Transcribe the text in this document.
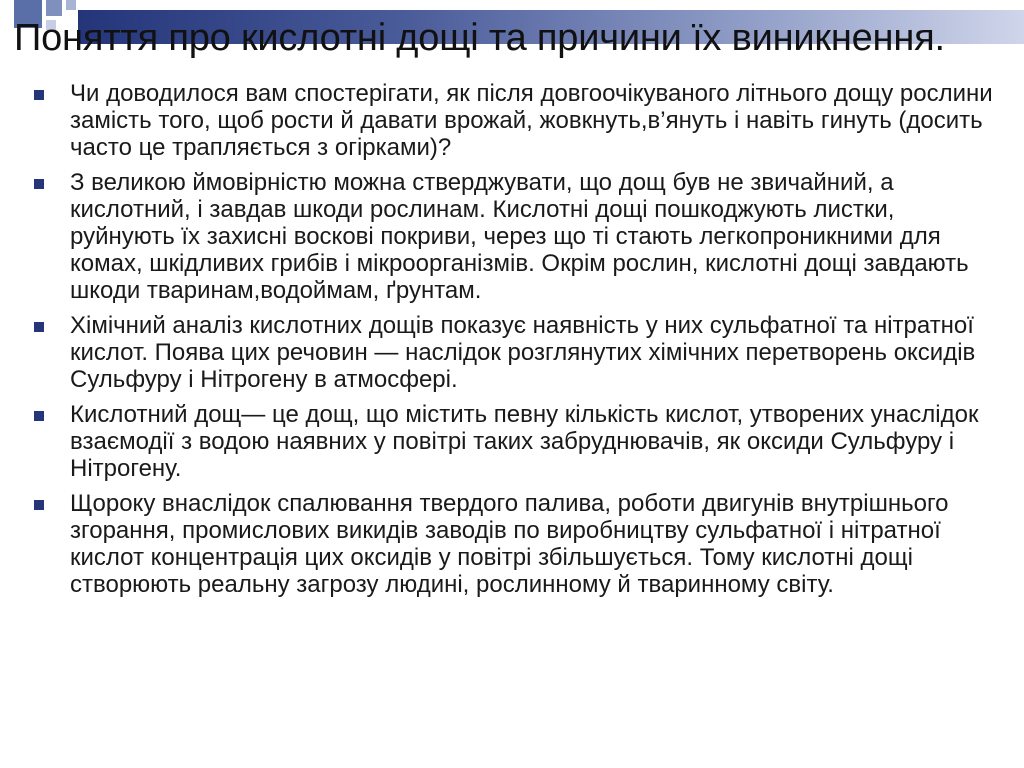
Поняття про кислотні дощі та причини їх виникнення.
Чи доводилося вам спостерігати, як після довгоочікуваного літнього дощу рослини замість того, щоб рости й давати врожай, жовкнуть,в’януть і навіть гинуть (досить часто це трапляється з огірками)?
З великою ймовірністю можна стверджувати, що дощ був не звичайний, а кислотний, і завдав шкоди рослинам. Кислотні дощі пошкоджують листки, руйнують їх захисні воскові покриви, через що ті стають легкопроникними для комах, шкідливих грибів і мікроорганізмів. Окрім рослин, кислотні дощі завдають шкоди тваринам,водоймам, ґрунтам.
Хімічний аналіз кислотних дощів показує наявність у них сульфатної та нітратної кислот. Поява цих речовин — наслідок розглянутих хімічних перетворень оксидів Сульфуру і Нітрогену в атмосфері.
Кислотний дощ— це дощ, що містить певну кількість кислот, утворених унаслідок взаємодії з водою наявних у повітрі таких забруднювачів, як оксиди Сульфуру і Нітрогену.
Щороку внаслідок спалювання твердого палива, роботи двигунів внутрішнього згорання, промислових викидів заводів по виробництву сульфатної і нітратної кислот концентрація цих оксидів у повітрі збільшується. Тому кислотні дощі створюють реальну загрозу людині, рослинному й тваринному світу.
